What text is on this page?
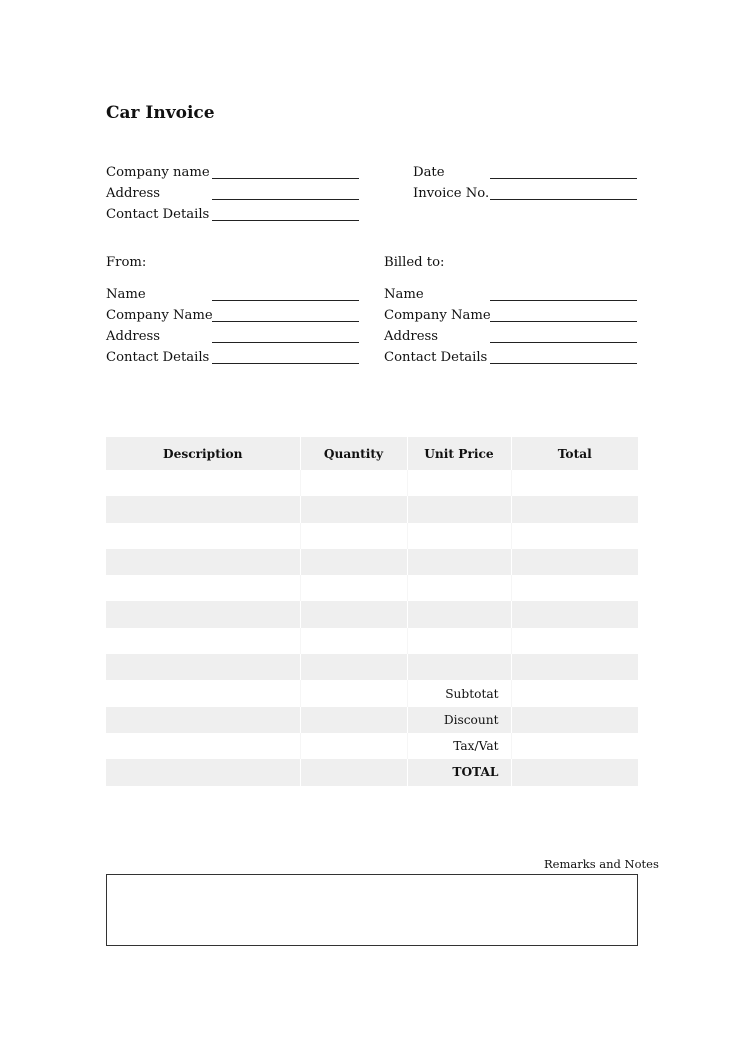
Car Invoice
Company name
Address
Contact Details
Date
Invoice No.
From:
Name
Company Name
Address
Contact Details
Billed to:
Name
Company Name
Address
Contact Details
Description	Quantity	Unit Price	Total

		Subtotat	
		Discount	
		Tax/Vat	
		TOTAL	
Remarks and Notes
